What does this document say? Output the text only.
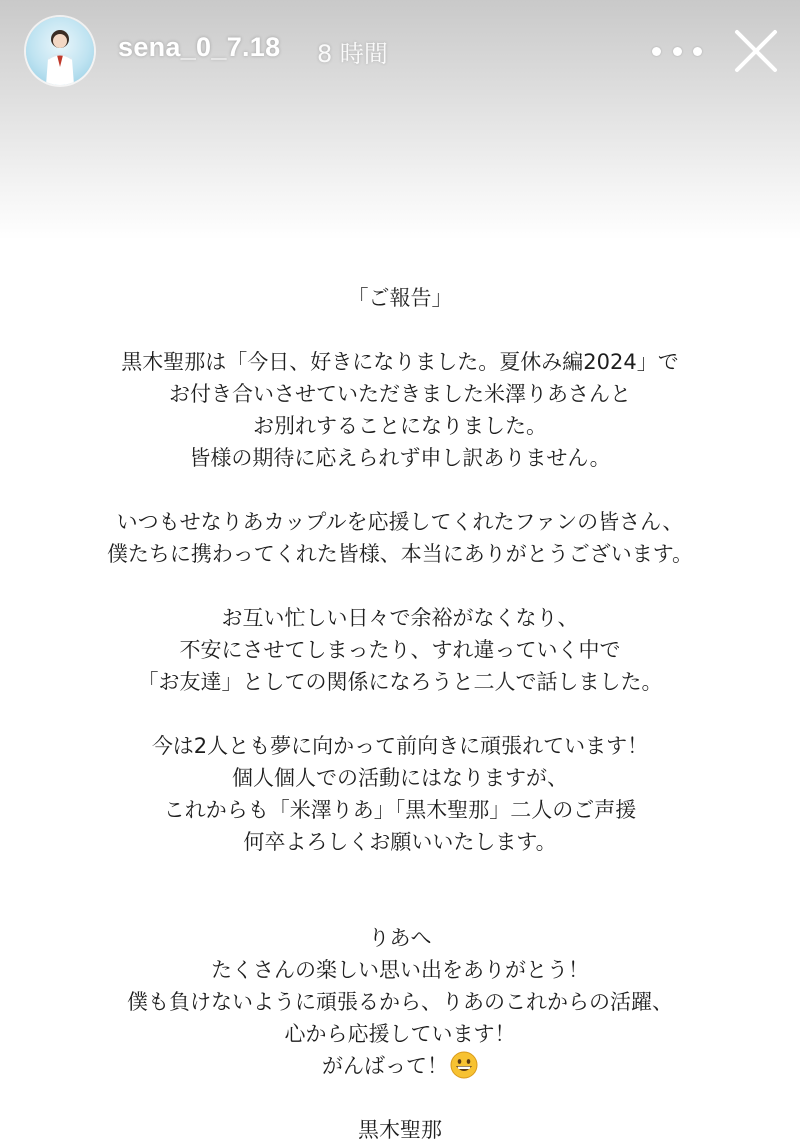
sena_0_7.18 8 時間

「ご報告」

黒木聖那は「今日、好きになりました。夏休み編2024」で

お付き合いさせていただきました米澤りあさんと

お別れすることになりました。

皆様の期待に応えられず申し訳ありません。

いつもせなりあカップルを応援してくれたファンの皆さん、

僕たちに携わってくれた皆様、本当にありがとうございます。

お互い忙しい日々で余裕がなくなり、

不安にさせてしまったり、すれ違っていく中で

「お友達」としての関係になろうと二人で話しました。

今は2人とも夢に向かって前向きに頑張れています！

個人個人での活動にはなりますが、

これからも「米澤りあ」「黒木聖那」二人のご声援

何卒よろしくお願いいたします。

りあへ

たくさんの楽しい思い出をありがとう！

僕も負けないように頑張るから、りあのこれからの活躍、

心から応援しています！

がんばって！

黒木聖那
